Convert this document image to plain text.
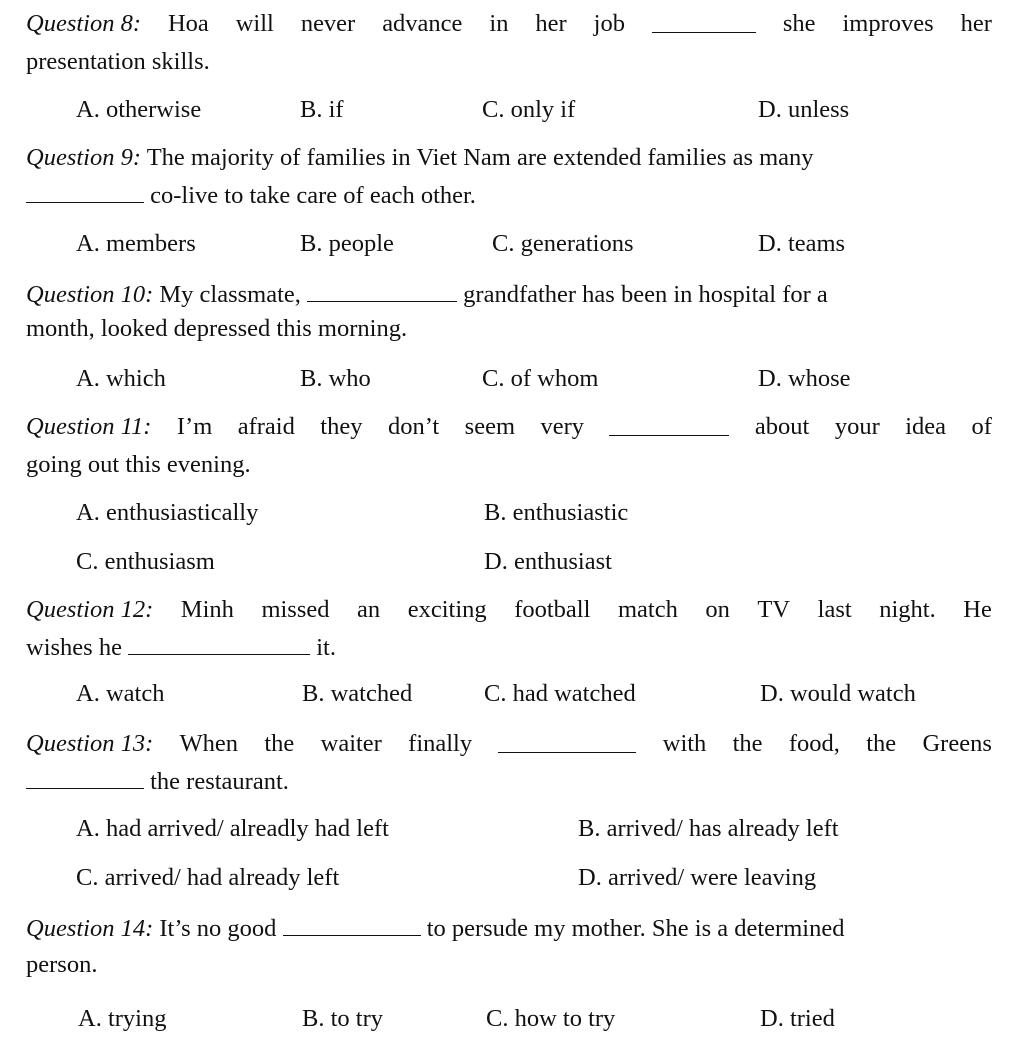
Question 8: Hoa will never advance in her job	she improves her
presentation skills.
A. otherwise	B. if	C. only if	D. unless
Question 9: The majority of families in Viet Nam are extended families as many
co-live to take care of each other.
A. members	B. people	C. generations	D. teams
Question 10: My classmate,	grandfather has been in hospital for a
month, looked depressed this morning.
A. which	B. who	C. of whom	D. whose
Question 11: I’m afraid they don’t seem very	about your idea of
going out this evening.
A. enthusiastically	B. enthusiastic
C. enthusiasm	D. enthusiast
Question 12: Minh missed an exciting football match on TV last night. He
wishes he	it.
A. watch	B. watched	C. had watched	D. would watch
Question 13: When the waiter finally	with the food, the Greens
the restaurant.
A. had arrived/ alreadly had left	B. arrived/ has already left
C. arrived/ had already left	D. arrived/ were leaving
Question 14: It’s no good	to persude my mother. She is a determined
person.
A. trying	B. to try	C. how to try	D. tried
